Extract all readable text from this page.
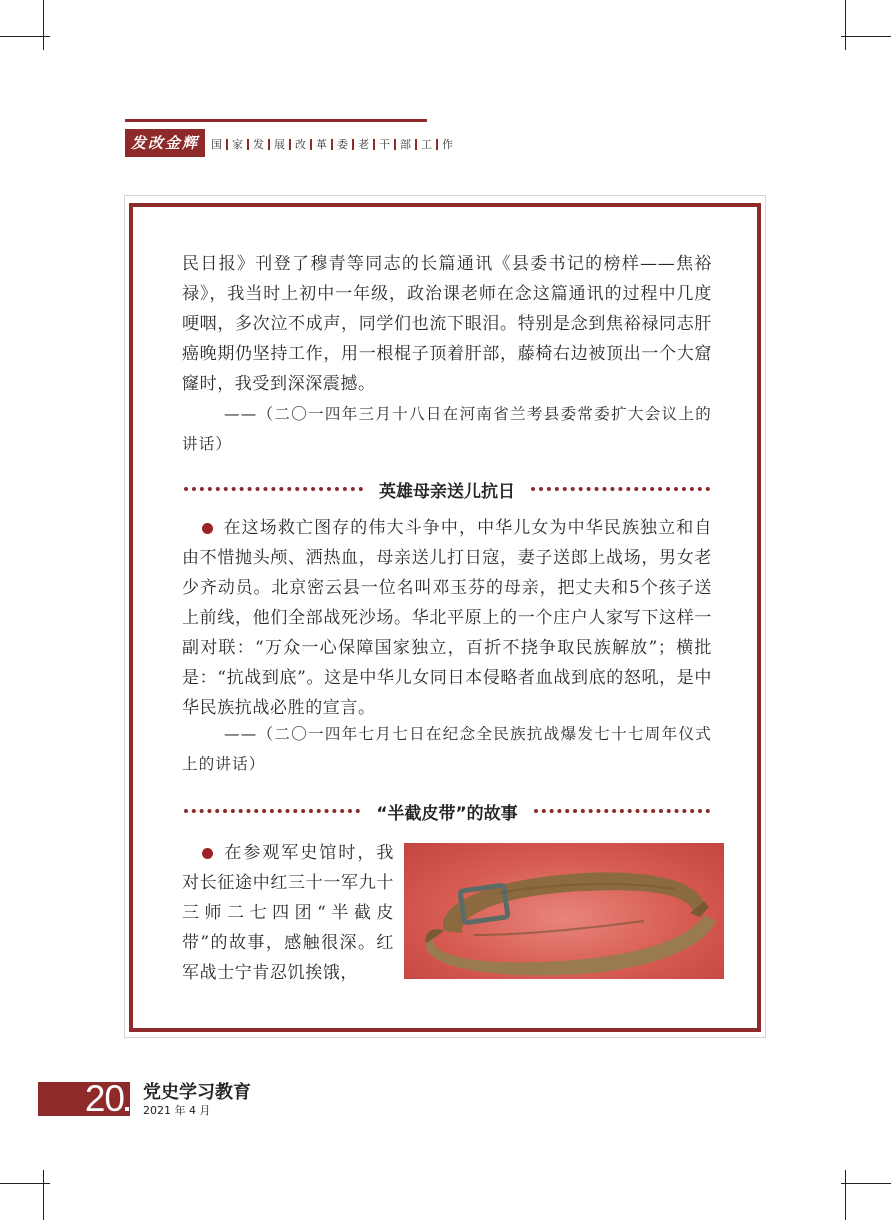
发改金辉	国 家 发 展 改 革 委 老 干 部 工 作

民日报》刊登了穆青等同志的长篇通讯《县委书记的榜样——焦裕禄》，我当时上初中一年级，政治课老师在念这篇通讯的过程中几度哽咽，多次泣不成声，同学们也流下眼泪。特别是念到焦裕禄同志肝癌晚期仍坚持工作，用一根棍子顶着肝部，藤椅右边被顶出一个大窟窿时，我受到深深震撼。

——（二〇一四年三月十八日在河南省兰考县委常委扩大会议上的讲话）

英雄母亲送儿抗日

在这场救亡图存的伟大斗争中，中华儿女为中华民族独立和自由不惜抛头颅、洒热血，母亲送儿打日寇，妻子送郎上战场，男女老少齐动员。北京密云县一位名叫邓玉芬的母亲，把丈夫和5个孩子送上前线，他们全部战死沙场。华北平原上的一个庄户人家写下这样一副对联：“万众一心保障国家独立，百折不挠争取民族解放”；横批是：“抗战到底”。这是中华儿女同日本侵略者血战到底的怒吼，是中华民族抗战必胜的宣言。

——（二〇一四年七月七日在纪念全民族抗战爆发七十七周年仪式上的讲话）

“半截皮带”的故事

在参观军史馆时，我对长征途中红三十一军九十三师二七四团“半截皮带”的故事，感触很深。红军战士宁肯忍饥挨饿，

20 党史学习教育
2021 年 4 月
